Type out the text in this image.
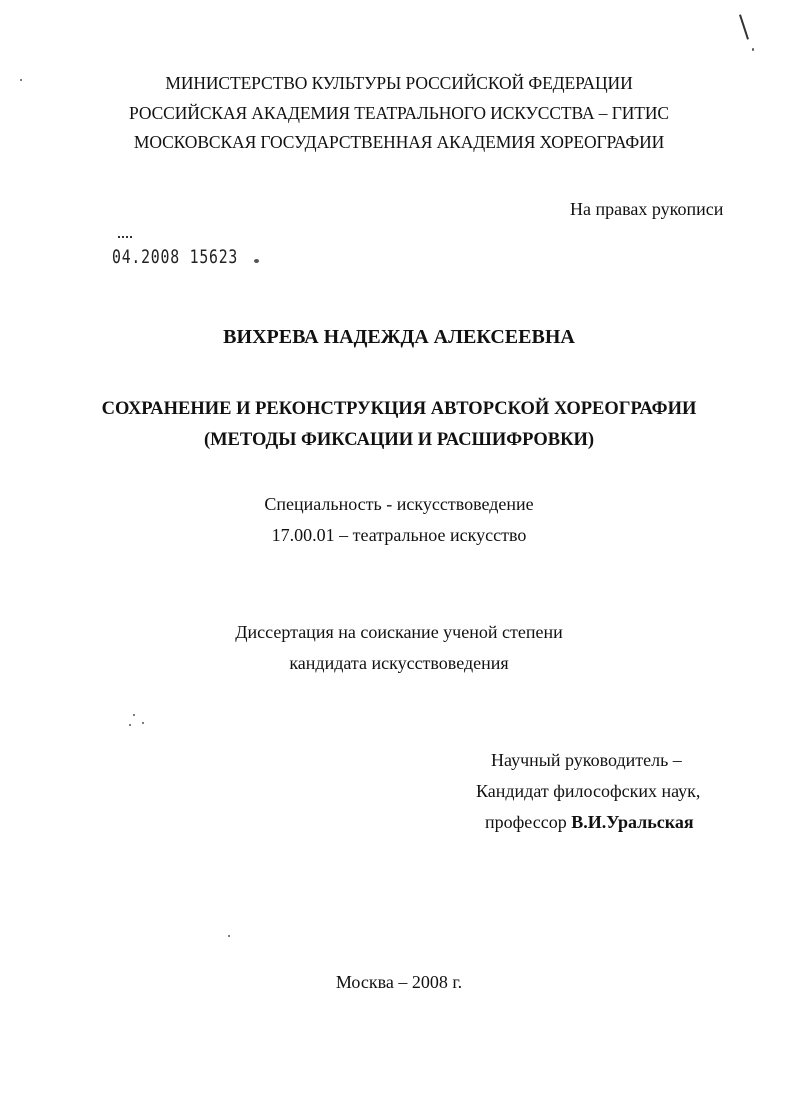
МИНИСТЕРСТВО КУЛЬТУРЫ РОССИЙСКОЙ ФЕДЕРАЦИИ
РОССИЙСКАЯ АКАДЕМИЯ ТЕАТРАЛЬНОГО ИСКУССТВА – ГИТИС
МОСКОВСКАЯ ГОСУДАРСТВЕННАЯ АКАДЕМИЯ ХОРЕОГРАФИИ
На правах рукописи
04.2008 15623
ВИХРЕВА НАДЕЖДА АЛЕКСЕЕВНА
СОХРАНЕНИЕ И РЕКОНСТРУКЦИЯ АВТОРСКОЙ ХОРЕОГРАФИИ
(МЕТОДЫ ФИКСАЦИИ И РАСШИФРОВКИ)
Специальность - искусствоведение
17.00.01 – театральное искусство
Диссертация на соискание ученой степени
кандидата искусствоведения
Научный руководитель –
Кандидат философских наук,
профессор В.И.Уральская
Москва – 2008 г.
